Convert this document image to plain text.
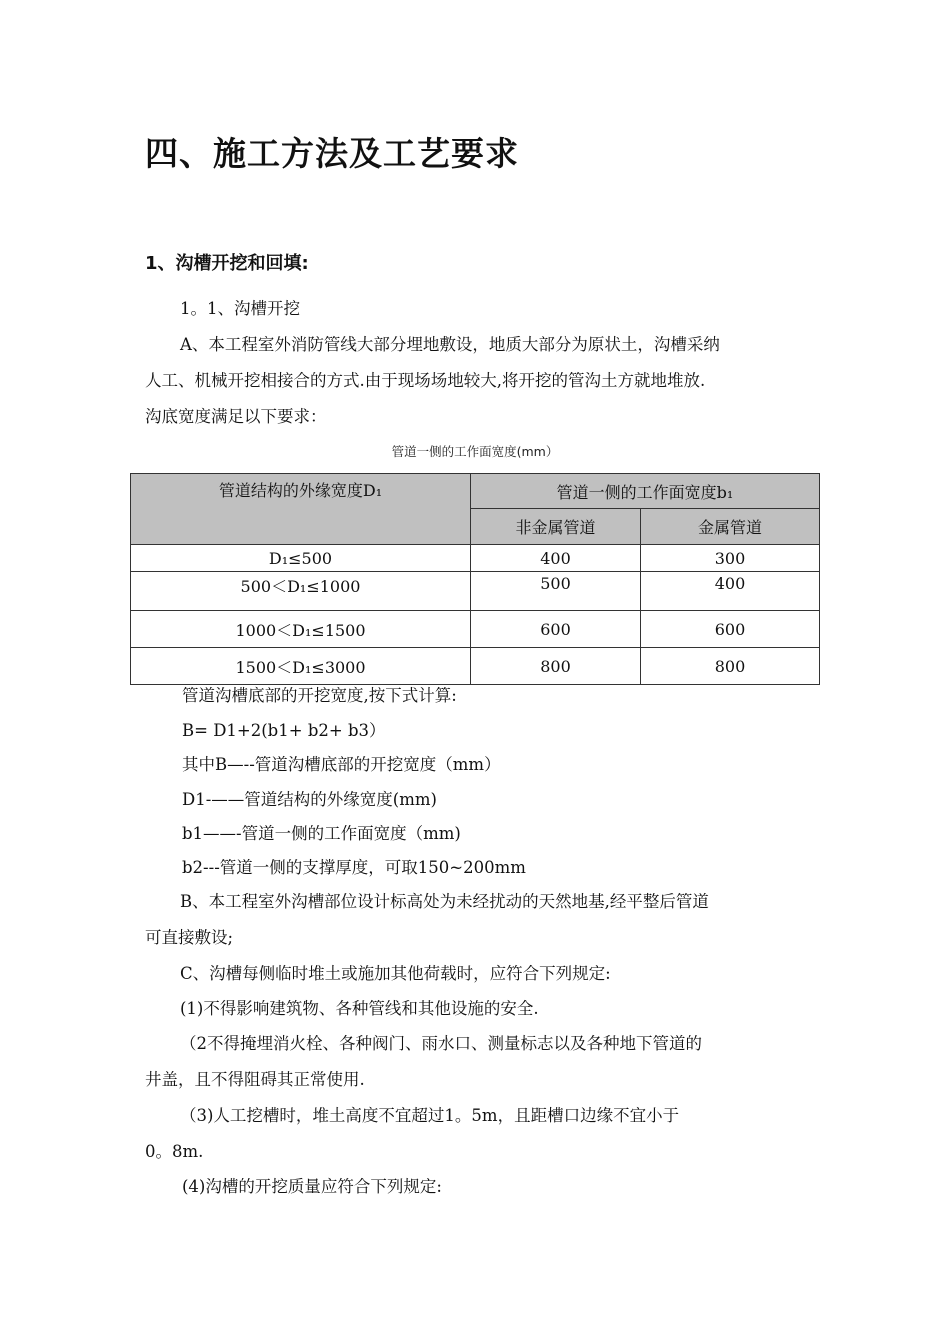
四、施工方法及工艺要求
1、沟槽开挖和回填:
1。1、沟槽开挖
A、本工程室外消防管线大部分埋地敷设，地质大部分为原状土，沟槽采纳
人工、机械开挖相接合的方式.由于现场场地较大,将开挖的管沟土方就地堆放.
沟底宽度满足以下要求：
管道一侧的工作面宽度(mm）
管道结构的外缘宽度D₁	管道一侧的工作面宽度b₁	
	非金属管道	金属管道
D₁≤500	400	300
500＜D₁≤1000	500	400
1000＜D₁≤1500	600	600
1500＜D₁≤3000	800	800
管道沟槽底部的开挖宽度,按下式计算:
B= D1+2(b1+ b2+ b3）
其中B—--管道沟槽底部的开挖宽度（mm）
D1-——管道结构的外缘宽度(mm)
b1——-管道一侧的工作面宽度（mm)
b2---管道一侧的支撑厚度，可取150~200mm
B、本工程室外沟槽部位设计标高处为未经扰动的天然地基,经平整后管道
可直接敷设;
C、沟槽每侧临时堆土或施加其他荷载时，应符合下列规定:
(1)不得影响建筑物、各种管线和其他设施的安全.
（2不得掩埋消火栓、各种阀门、雨水口、测量标志以及各种地下管道的
井盖，且不得阻碍其正常使用.
（3)人工挖槽时，堆土高度不宜超过1。5m，且距槽口边缘不宜小于
0。8m.
(4)沟槽的开挖质量应符合下列规定:
